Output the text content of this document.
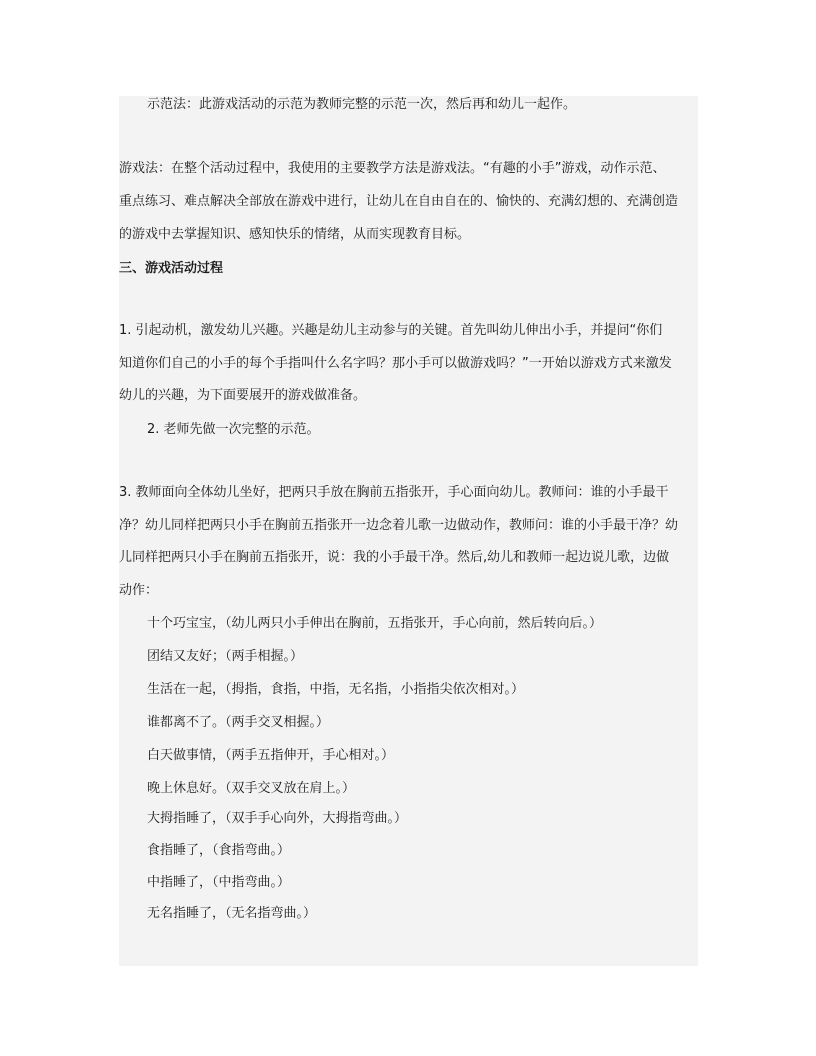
示范法：此游戏活动的示范为教师完整的示范一次，然后再和幼儿一起作。
游戏法：在整个活动过程中，我使用的主要教学方法是游戏法。“有趣的小手”游戏，动作示范、
重点练习、难点解决全部放在游戏中进行，让幼儿在自由自在的、愉快的、充满幻想的、充满创造
的游戏中去掌握知识、感知快乐的情绪，从而实现教育目标。
三、游戏活动过程
1. 引起动机，激发幼儿兴趣。兴趣是幼儿主动参与的关键。首先叫幼儿伸出小手，并提问“你们
知道你们自己的小手的每个手指叫什么名字吗？那小手可以做游戏吗？”一开始以游戏方式来激发
幼儿的兴趣，为下面要展开的游戏做准备。
2. 老师先做一次完整的示范。
3. 教师面向全体幼儿坐好，把两只手放在胸前五指张开，手心面向幼儿。教师问：谁的小手最干
净？幼儿同样把两只小手在胸前五指张开一边念着儿歌一边做动作，教师问：谁的小手最干净？幼
儿同样把两只小手在胸前五指张开，说：我的小手最干净。然后,幼儿和教师一起边说儿歌，边做
动作：
十个巧宝宝，（幼儿两只小手伸出在胸前，五指张开，手心向前，然后转向后。）
团结又友好；（两手相握。）
生活在一起，（拇指，食指，中指，无名指，小指指尖依次相对。）
谁都离不了。（两手交叉相握。）
白天做事情，（两手五指伸开，手心相对。）
晚上休息好。（双手交叉放在肩上。）
大拇指睡了，（双手手心向外，大拇指弯曲。）
食指睡了，（食指弯曲。）
中指睡了，（中指弯曲。）
无名指睡了，（无名指弯曲。）
